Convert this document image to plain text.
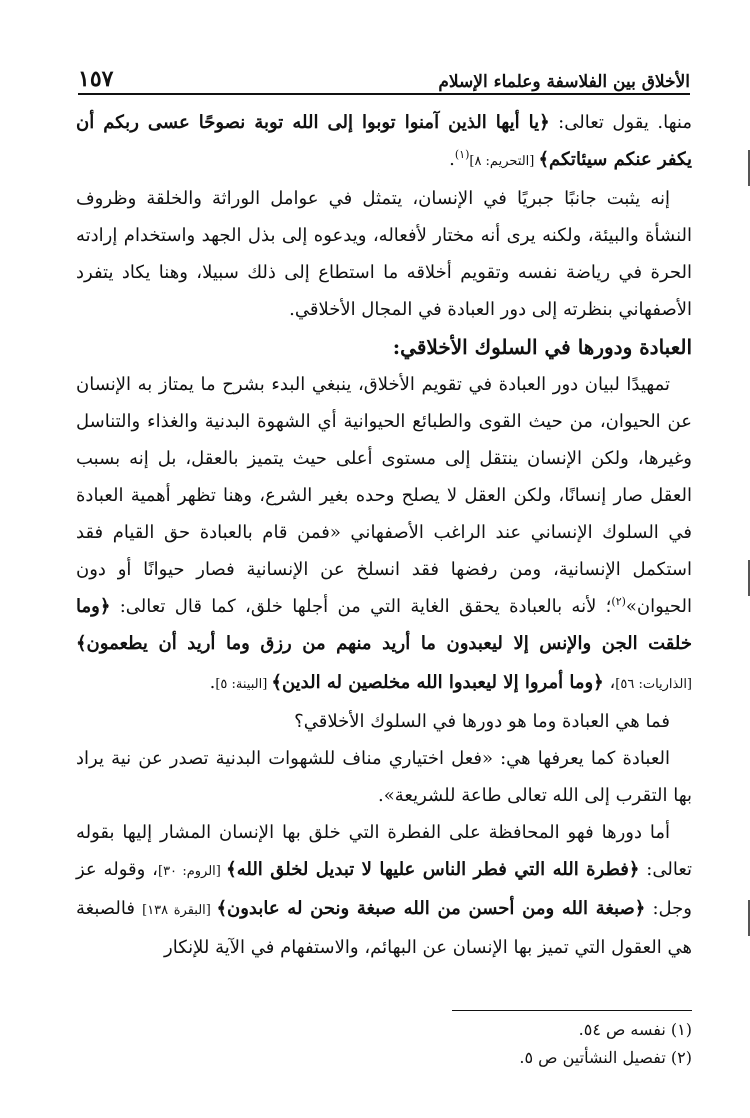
الأخلاق بين الفلاسفة وعلماء الإسلام
١٥٧

منها. يقول تعالى: ﴿يا أيها الذين آمنوا توبوا إلى الله توبة نصوحًا عسى ربكم أن يكفر عنكم سيئاتكم﴾ [التحريم: ٨]$^{(١)}$.

إنه يثبت جانبًا جبريًا في الإنسان، يتمثل في عوامل الوراثة والخلقة وظروف النشأة والبيئة، ولكنه يرى أنه مختار لأفعاله، ويدعوه إلى بذل الجهد واستخدام إرادته الحرة في رياضة نفسه وتقويم أخلاقه ما استطاع إلى ذلك سبيلا، وهنا يكاد يتفرد الأصفهاني بنظرته إلى دور العبادة في المجال الأخلاقي.

العبادة ودورها في السلوك الأخلاقي:

تمهيدًا لبيان دور العبادة في تقويم الأخلاق، ينبغي البدء بشرح ما يمتاز به الإنسان عن الحيوان، من حيث القوى والطبائع الحيوانية أي الشهوة البدنية والغذاء والتناسل وغيرها، ولكن الإنسان ينتقل إلى مستوى أعلى حيث يتميز بالعقل، بل إنه بسبب العقل صار إنسانًا، ولكن العقل لا يصلح وحده بغير الشرع، وهنا تظهر أهمية العبادة في السلوك الإنساني عند الراغب الأصفهاني «فمن قام بالعبادة حق القيام فقد استكمل الإنسانية، ومن رفضها فقد انسلخ عن الإنسانية فصار حيوانًا أو دون الحيوان»$^{(٢)}$؛ لأنه بالعبادة يحقق الغاية التي من أجلها خلق، كما قال تعالى: ﴿وما خلقت الجن والإنس إلا ليعبدون ما أريد منهم من رزق وما أريد أن يطعمون﴾ [الذاريات: ٥٦]، ﴿وما أمروا إلا ليعبدوا الله مخلصين له الدين﴾ [البينة: ٥].

فما هي العبادة وما هو دورها في السلوك الأخلاقي؟

العبادة كما يعرفها هي: «فعل اختياري مناف للشهوات البدنية تصدر عن نية يراد بها التقرب إلى الله تعالى طاعة للشريعة».

أما دورها فهو المحافظة على الفطرة التي خلق بها الإنسان المشار إليها بقوله تعالى: ﴿فطرة الله التي فطر الناس عليها لا تبديل لخلق الله﴾ [الروم: ٣٠]، وقوله عز وجل: ﴿صبغة الله ومن أحسن من الله صبغة ونحن له عابدون﴾ [البقرة ١٣٨] فالصبغة هي العقول التي تميز بها الإنسان عن البهائم، والاستفهام في الآية للإنكار

(١) نفسه ص ٥٤.
(٢) تفصيل النشأتين ص ٥.
